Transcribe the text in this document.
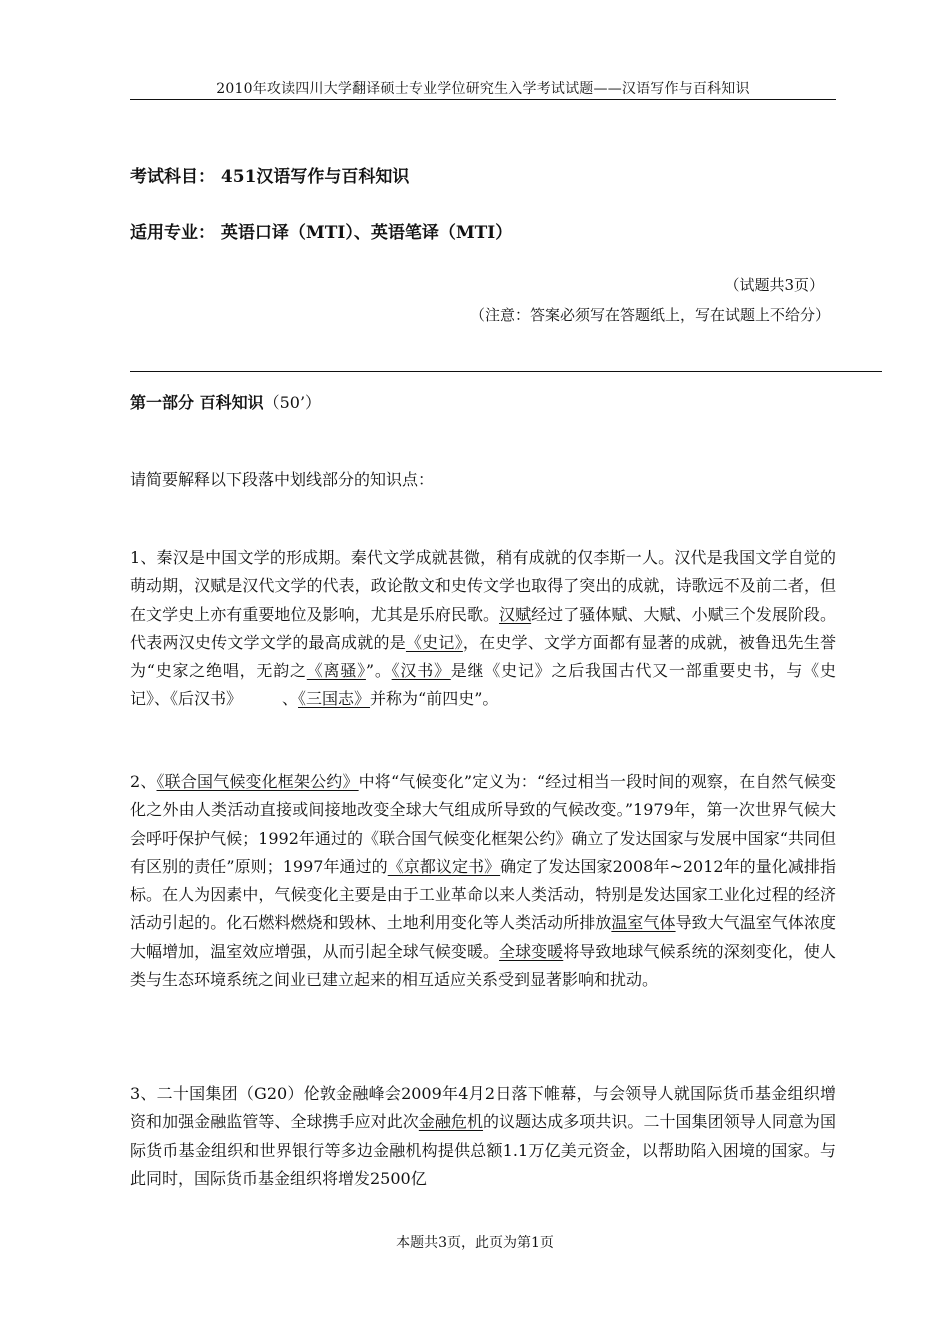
2010年攻读四川大学翻译硕士专业学位研究生入学考试试题——汉语写作与百科知识
考试科目： 451汉语写作与百科知识
适用专业： 英语口译（MTI）、英语笔译（MTI）
（试题共3页）
（注意：答案必须写在答题纸上，写在试题上不给分）
第一部分 百科知识（50’）
请简要解释以下段落中划线部分的知识点：
1、秦汉是中国文学的形成期。秦代文学成就甚微，稍有成就的仅李斯一人。汉代是我国文学自觉的萌动期，汉赋是汉代文学的代表，政论散文和史传文学也取得了突出的成就，诗歌远不及前二者，但在文学史上亦有重要地位及影响，尤其是乐府民歌。汉赋经过了骚体赋、大赋、小赋三个发展阶段。代表两汉史传文学文学的最高成就的是《史记》，在史学、文学方面都有显著的成就，被鲁迅先生誉为“史家之绝唱，无韵之《离骚》”。《汉书》是继《史记》之后我国古代又一部重要史书，与《史记》、《后汉书》　　　、《三国志》并称为“前四史”。
2、《联合国气候变化框架公约》中将“气候变化”定义为：“经过相当一段时间的观察，在自然气候变化之外由人类活动直接或间接地改变全球大气组成所导致的气候改变。”1979年，第一次世界气候大会呼吁保护气候；1992年通过的《联合国气候变化框架公约》确立了发达国家与发展中国家“共同但有区别的责任”原则；1997年通过的《京都议定书》确定了发达国家2008年~2012年的量化减排指标。在人为因素中，气候变化主要是由于工业革命以来人类活动，特别是发达国家工业化过程的经济活动引起的。化石燃料燃烧和毁林、土地利用变化等人类活动所排放温室气体导致大气温室气体浓度大幅增加，温室效应增强，从而引起全球气候变暖。全球变暖将导致地球气候系统的深刻变化，使人类与生态环境系统之间业已建立起来的相互适应关系受到显著影响和扰动。
3、二十国集团（G20）伦敦金融峰会2009年4月2日落下帷幕，与会领导人就国际货币基金组织增资和加强金融监管等、全球携手应对此次金融危机的议题达成多项共识。二十国集团领导人同意为国际货币基金组织和世界银行等多边金融机构提供总额1.1万亿美元资金，以帮助陷入困境的国家。与此同时，国际货币基金组织将增发2500亿
本题共3页，此页为第1页
